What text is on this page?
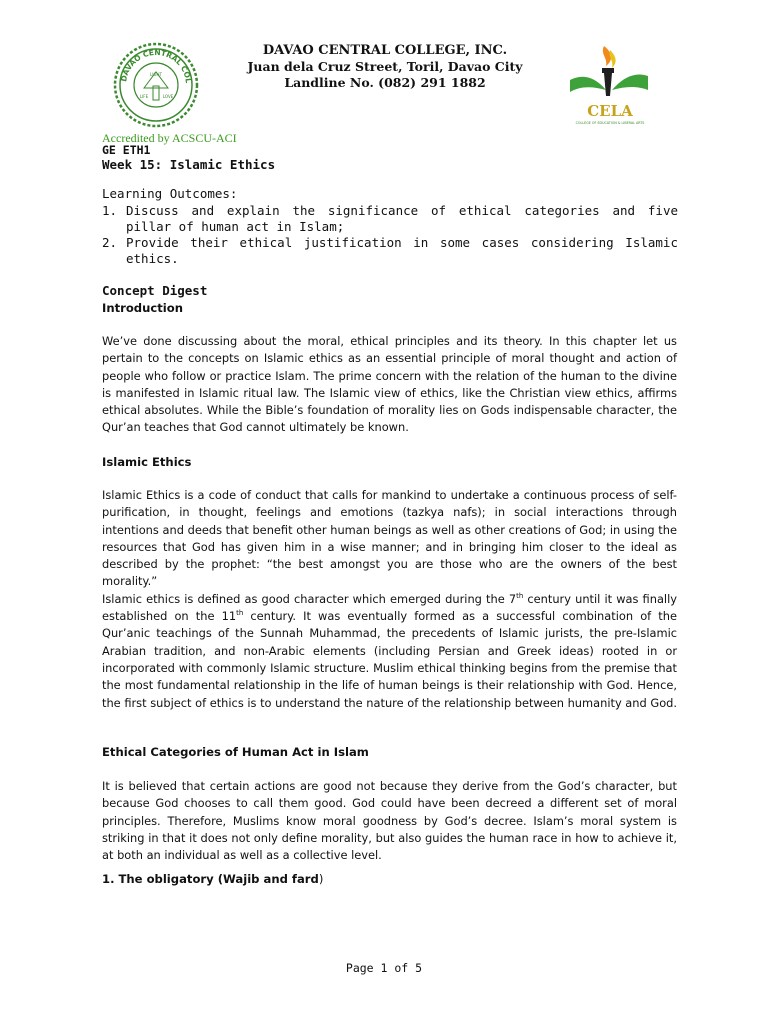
DAVAO CENTRAL COL
LIGHT
LIFE	LOVE
DAVAO CENTRAL COLLEGE, INC.
Juan dela Cruz Street, Toril, Davao City
Landline No. (082) 291 1882
CELA
COLLEGE OF EDUCATION & LIBERAL ARTS
Accredited by ACSCU-ACI
GE ETH1
Week 15: Islamic Ethics
Learning Outcomes:
1. Discuss and explain the significance of ethical categories and five pillar of human act in Islam;
2. Provide their ethical justification in some cases considering Islamic ethics.
Concept Digest
Introduction

We’ve done discussing about the moral, ethical principles and its theory. In this chapter let us pertain to the concepts on Islamic ethics as an essential principle of moral thought and action of people who follow or practice Islam. The prime concern with the relation of the human to the divine is manifested in Islamic ritual law. The Islamic view of ethics, like the Christian view ethics, affirms ethical absolutes. While the Bible’s foundation of morality lies on Gods indispensable character, the Qur’an teaches that God cannot ultimately be known.

Islamic Ethics

Islamic Ethics is a code of conduct that calls for mankind to undertake a continuous process of self-purification, in thought, feelings and emotions (tazkya nafs); in social interactions through intentions and deeds that benefit other human beings as well as other creations of God; in using the resources that God has given him in a wise manner; and in bringing him closer to the ideal as described by the prophet: “the best amongst you are those who are the owners of the best morality.”

Islamic ethics is defined as good character which emerged during the 7th century until it was finally established on the 11th century. It was eventually formed as a successful combination of the Qur’anic teachings of the Sunnah Muhammad, the precedents of Islamic jurists, the pre-Islamic Arabian tradition, and non-Arabic elements (including Persian and Greek ideas) rooted in or incorporated with commonly Islamic structure. Muslim ethical thinking begins from the premise that the most fundamental relationship in the life of human beings is their relationship with God. Hence, the first subject of ethics is to understand the nature of the relationship between humanity and God.

Ethical Categories of Human Act in Islam

It is believed that certain actions are good not because they derive from the God’s character, but because God chooses to call them good. God could have been decreed a different set of moral principles. Therefore, Muslims know moral goodness by God’s decree. Islam’s moral system is striking in that it does not only define morality, but also guides the human race in how to achieve it, at both an individual as well as a collective level.

1. The obligatory (Wajib and fard)
Page 1 of 5
